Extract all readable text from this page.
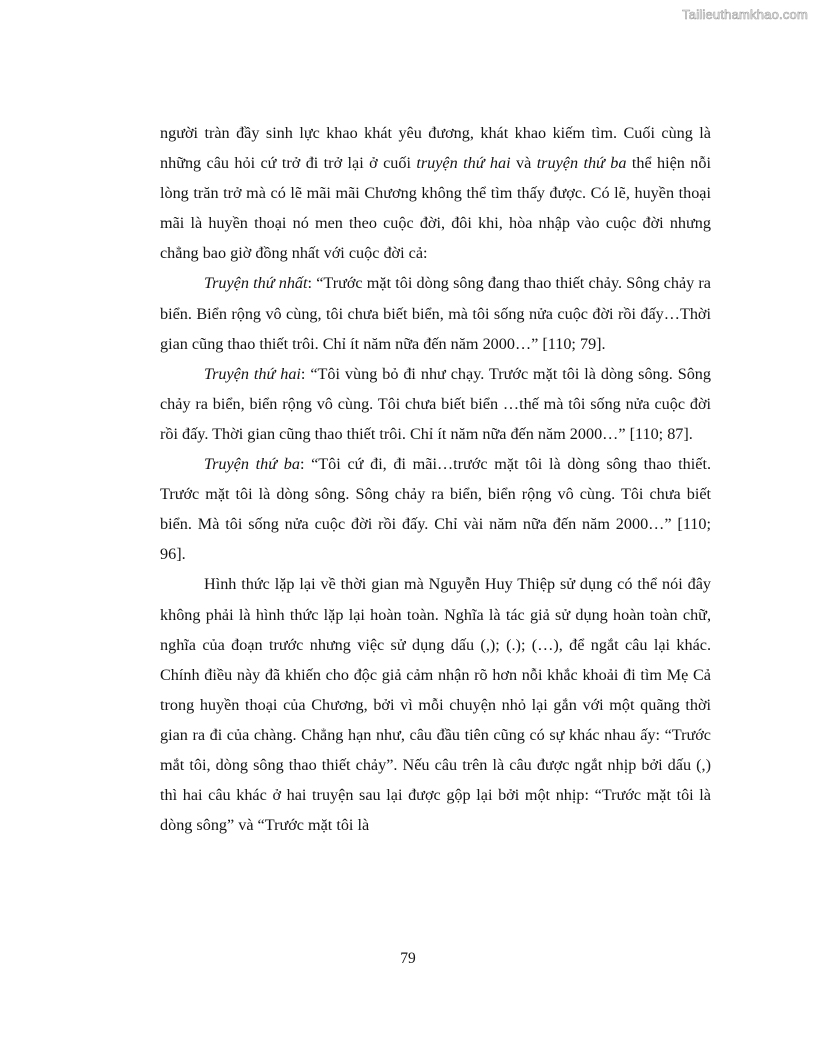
Tailieuthamkhao.com

người tràn đầy sinh lực khao khát yêu đương, khát khao kiếm tìm. Cuối cùng là những câu hỏi cứ trở đi trở lại ở cuối truyện thứ hai và truyện thứ ba thể hiện nỗi lòng trăn trở mà có lẽ mãi mãi Chương không thể tìm thấy được. Có lẽ, huyền thoại mãi là huyền thoại nó men theo cuộc đời, đôi khi, hòa nhập vào cuộc đời nhưng chẳng bao giờ đồng nhất với cuộc đời cả:

Truyện thứ nhất: “Trước mặt tôi dòng sông đang thao thiết chảy. Sông chảy ra biển. Biển rộng vô cùng, tôi chưa biết biển, mà tôi sống nửa cuộc đời rồi đấy…Thời gian cũng thao thiết trôi. Chỉ ít năm nữa đến năm 2000…” [110; 79].

Truyện thứ hai: “Tôi vùng bỏ đi như chạy. Trước mặt tôi là dòng sông. Sông chảy ra biển, biển rộng vô cùng. Tôi chưa biết biển …thế mà tôi sống nửa cuộc đời rồi đấy. Thời gian cũng thao thiết trôi. Chỉ ít năm nữa đến năm 2000…” [110; 87].

Truyện thứ ba: “Tôi cứ đi, đi mãi…trước mặt tôi là dòng sông thao thiết. Trước mặt tôi là dòng sông. Sông chảy ra biển, biển rộng vô cùng. Tôi chưa biết biển. Mà tôi sống nửa cuộc đời rồi đấy. Chỉ vài năm nữa đến năm 2000…” [110; 96].

Hình thức lặp lại về thời gian mà Nguyễn Huy Thiệp sử dụng có thể nói đây không phải là hình thức lặp lại hoàn toàn. Nghĩa là tác giả sử dụng hoàn toàn chữ, nghĩa của đoạn trước nhưng việc sử dụng dấu (,); (.); (…), để ngắt câu lại khác. Chính điều này đã khiến cho độc giả cảm nhận rõ hơn nỗi khắc khoải đi tìm Mẹ Cả trong huyền thoại của Chương, bởi vì mỗi chuyện nhỏ lại gắn với một quãng thời gian ra đi của chàng. Chẳng hạn như, câu đầu tiên cũng có sự khác nhau ấy: “Trước mắt tôi, dòng sông thao thiết chảy”. Nếu câu trên là câu được ngắt nhịp bởi dấu (,) thì hai câu khác ở hai truyện sau lại được gộp lại bởi một nhịp: “Trước mặt tôi là dòng sông” và “Trước mặt tôi là

79
